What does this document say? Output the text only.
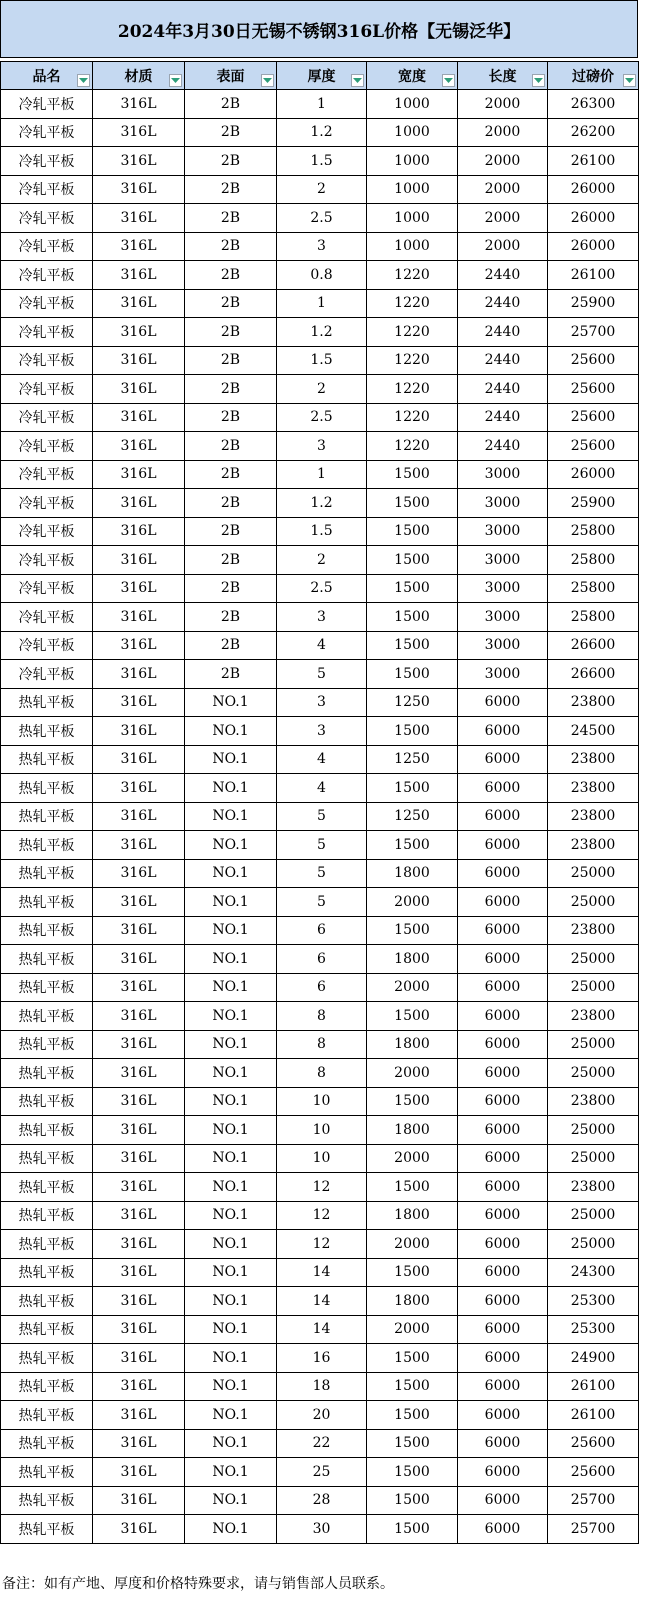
2024年3月30日无锡不锈钢316L价格【无锡泛华】
品名	材质	表面	厚度	宽度	长度	过磅价

冷轧平板	316L	2B	1	1000	2000	26300
冷轧平板	316L	2B	1.2	1000	2000	26200
冷轧平板	316L	2B	1.5	1000	2000	26100
冷轧平板	316L	2B	2	1000	2000	26000
冷轧平板	316L	2B	2.5	1000	2000	26000
冷轧平板	316L	2B	3	1000	2000	26000
冷轧平板	316L	2B	0.8	1220	2440	26100
冷轧平板	316L	2B	1	1220	2440	25900
冷轧平板	316L	2B	1.2	1220	2440	25700
冷轧平板	316L	2B	1.5	1220	2440	25600
冷轧平板	316L	2B	2	1220	2440	25600
冷轧平板	316L	2B	2.5	1220	2440	25600
冷轧平板	316L	2B	3	1220	2440	25600
冷轧平板	316L	2B	1	1500	3000	26000
冷轧平板	316L	2B	1.2	1500	3000	25900
冷轧平板	316L	2B	1.5	1500	3000	25800
冷轧平板	316L	2B	2	1500	3000	25800
冷轧平板	316L	2B	2.5	1500	3000	25800
冷轧平板	316L	2B	3	1500	3000	25800
冷轧平板	316L	2B	4	1500	3000	26600
冷轧平板	316L	2B	5	1500	3000	26600
热轧平板	316L	NO.1	3	1250	6000	23800
热轧平板	316L	NO.1	3	1500	6000	24500
热轧平板	316L	NO.1	4	1250	6000	23800
热轧平板	316L	NO.1	4	1500	6000	23800
热轧平板	316L	NO.1	5	1250	6000	23800
热轧平板	316L	NO.1	5	1500	6000	23800
热轧平板	316L	NO.1	5	1800	6000	25000
热轧平板	316L	NO.1	5	2000	6000	25000
热轧平板	316L	NO.1	6	1500	6000	23800
热轧平板	316L	NO.1	6	1800	6000	25000
热轧平板	316L	NO.1	6	2000	6000	25000
热轧平板	316L	NO.1	8	1500	6000	23800
热轧平板	316L	NO.1	8	1800	6000	25000
热轧平板	316L	NO.1	8	2000	6000	25000
热轧平板	316L	NO.1	10	1500	6000	23800
热轧平板	316L	NO.1	10	1800	6000	25000
热轧平板	316L	NO.1	10	2000	6000	25000
热轧平板	316L	NO.1	12	1500	6000	23800
热轧平板	316L	NO.1	12	1800	6000	25000
热轧平板	316L	NO.1	12	2000	6000	25000
热轧平板	316L	NO.1	14	1500	6000	24300
热轧平板	316L	NO.1	14	1800	6000	25300
热轧平板	316L	NO.1	14	2000	6000	25300
热轧平板	316L	NO.1	16	1500	6000	24900
热轧平板	316L	NO.1	18	1500	6000	26100
热轧平板	316L	NO.1	20	1500	6000	26100
热轧平板	316L	NO.1	22	1500	6000	25600
热轧平板	316L	NO.1	25	1500	6000	25600
热轧平板	316L	NO.1	28	1500	6000	25700
热轧平板	316L	NO.1	30	1500	6000	25700
备注：如有产地、厚度和价格特殊要求，请与销售部人员联系。
